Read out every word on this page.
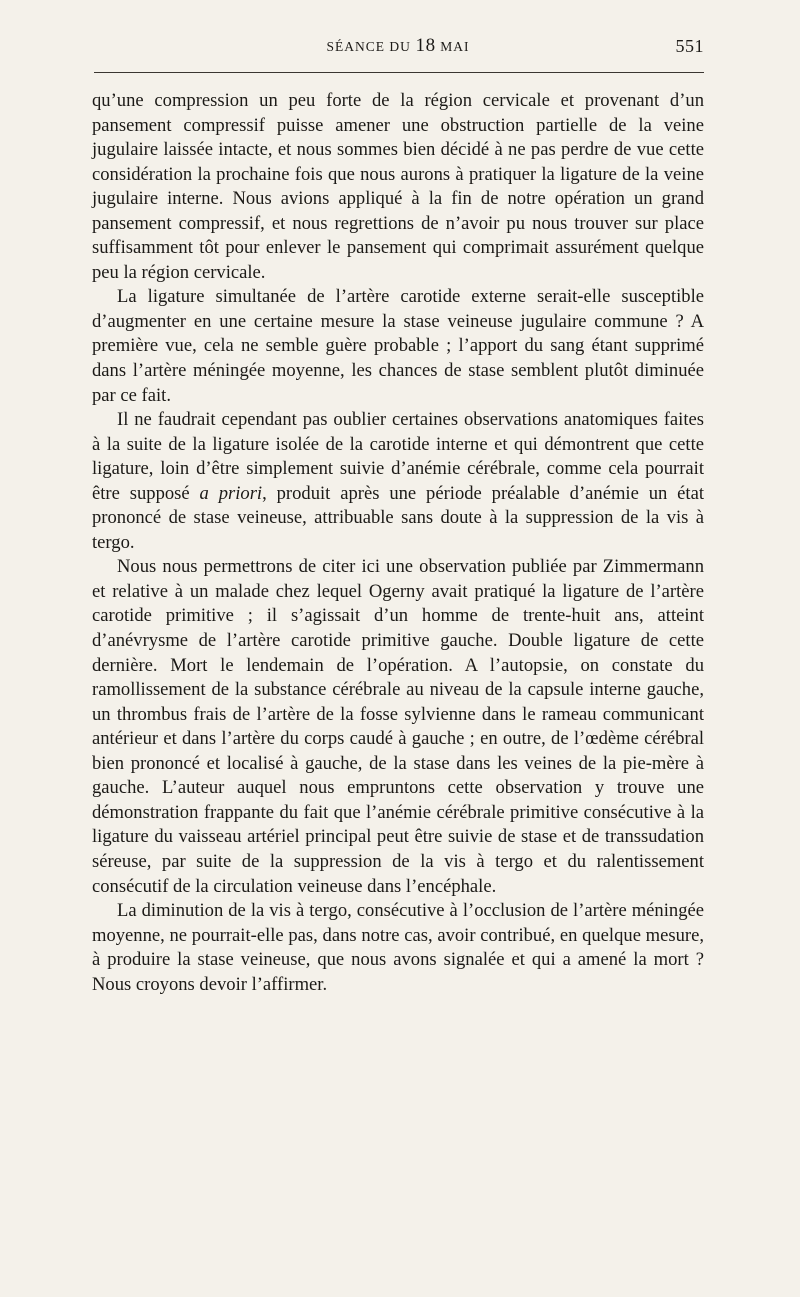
SÉANCE DU 18 MAI	551

qu’une compression un peu forte de la région cervicale et provenant d’un pansement compressif puisse amener une obstruction partielle de la veine jugulaire laissée intacte, et nous sommes bien décidé à ne pas perdre de vue cette considération la prochaine fois que nous aurons à pratiquer la ligature de la veine jugulaire interne. Nous avions appliqué à la fin de notre opération un grand pansement compressif, et nous regrettions de n’avoir pu nous trouver sur place suffisamment tôt pour enlever le pansement qui comprimait assurément quelque peu la région cervicale.

La ligature simultanée de l’artère carotide externe serait-elle susceptible d’augmenter en une certaine mesure la stase veineuse jugulaire commune ? A première vue, cela ne semble guère probable ; l’apport du sang étant supprimé dans l’artère méningée moyenne, les chances de stase semblent plutôt diminuée par ce fait.

Il ne faudrait cependant pas oublier certaines observations anatomiques faites à la suite de la ligature isolée de la carotide interne et qui démontrent que cette ligature, loin d’être simplement suivie d’anémie cérébrale, comme cela pourrait être supposé a priori, produit après une période préalable d’anémie un état prononcé de stase veineuse, attribuable sans doute à la suppression de la vis à tergo.

Nous nous permettrons de citer ici une observation publiée par Zimmermann et relative à un malade chez lequel Ogerny avait pratiqué la ligature de l’artère carotide primitive ; il s’agissait d’un homme de trente-huit ans, atteint d’anévrysme de l’artère carotide primitive gauche. Double ligature de cette dernière. Mort le lendemain de l’opération. A l’autopsie, on constate du ramollissement de la substance cérébrale au niveau de la capsule interne gauche, un thrombus frais de l’artère de la fosse sylvienne dans le rameau communicant antérieur et dans l’artère du corps caudé à gauche ; en outre, de l’œdème cérébral bien prononcé et localisé à gauche, de la stase dans les veines de la pie-mère à gauche. L’auteur auquel nous empruntons cette observation y trouve une démonstration frappante du fait que l’anémie cérébrale primitive consécutive à la ligature du vaisseau artériel principal peut être suivie de stase et de transsudation séreuse, par suite de la suppression de la vis à tergo et du ralentissement consécutif de la circulation veineuse dans l’encéphale.

La diminution de la vis à tergo, consécutive à l’occlusion de l’artère méningée moyenne, ne pourrait-elle pas, dans notre cas, avoir contribué, en quelque mesure, à produire la stase veineuse, que nous avons signalée et qui a amené la mort ? Nous croyons devoir l’affirmer.
